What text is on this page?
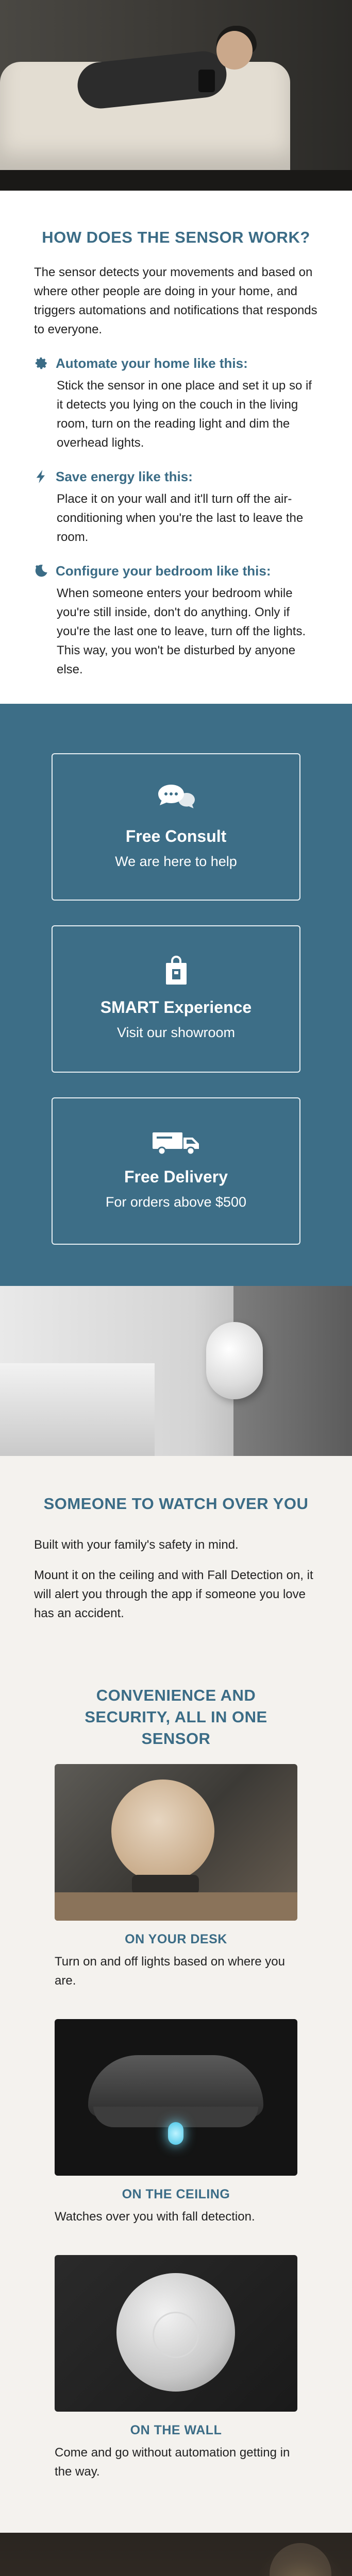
HOW DOES THE SENSOR WORK?

The sensor detects your movements and based on where other people are doing in your home, and triggers automations and notifications that responds to everyone.

Automate your home like this:

Stick the sensor in one place and set it up so if it detects you lying on the couch in the living room, turn on the reading light and dim the overhead lights.

Save energy like this:

Place it on your wall and it'll turn off the air-conditioning when you're the last to leave the room.

Configure your bedroom like this:

When someone enters your bedroom while you're still inside, don't do anything. Only if you're the last one to leave, turn off the lights. This way, you won't be disturbed by anyone else.

Free Consult
We are here to help
SMART Experience
Visit our showroom
Free Delivery
For orders above $500
SOMEONE TO WATCH OVER YOU

Built with your family's safety in mind.

Mount it on the ceiling and with Fall Detection on, it will alert you through the app if someone you love has an accident.

CONVENIENCE AND SECURITY, ALL IN ONE SENSOR
ON YOUR DESK

Turn on and off lights based on where you are.

ON THE CEILING

Watches over you with fall detection.

ON THE WALL

Come and go without automation getting in the way.
